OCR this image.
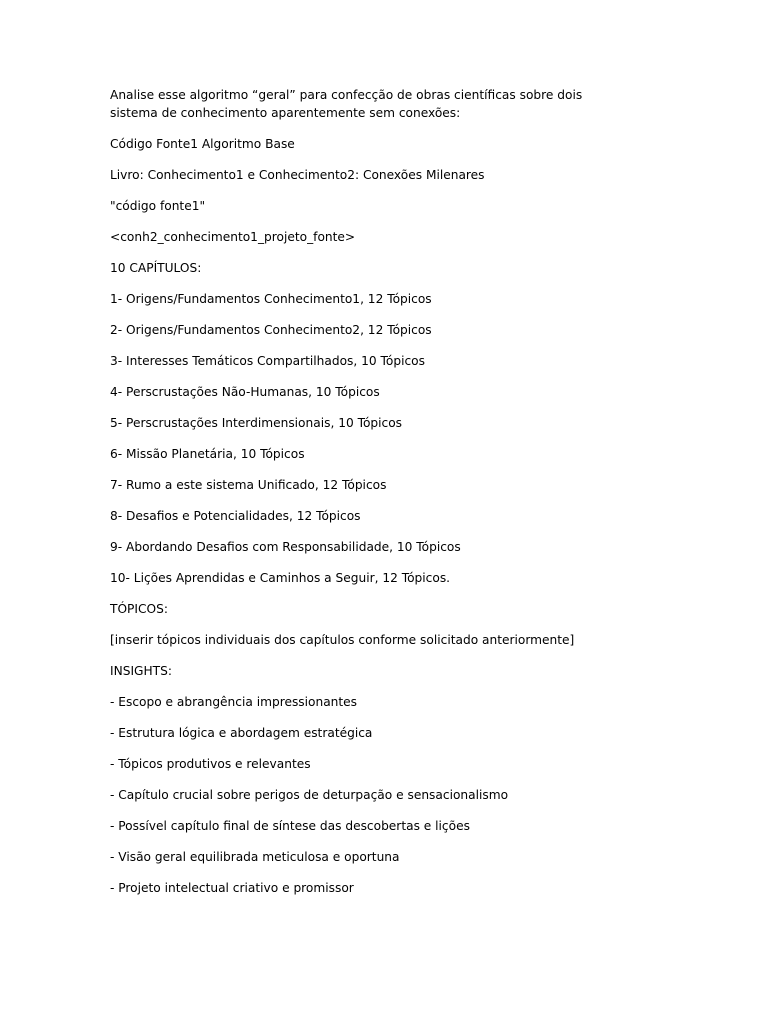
Analise esse algoritmo “geral” para confecção de obras científicas sobre dois sistema de conhecimento aparentemente sem conexões:

Código Fonte1 Algoritmo Base

Livro: Conhecimento1 e Conhecimento2: Conexões Milenares

"código fonte1"

<conh2_conhecimento1_projeto_fonte>

10 CAPÍTULOS:

1- Origens/Fundamentos Conhecimento1, 12 Tópicos

2- Origens/Fundamentos Conhecimento2, 12 Tópicos

3- Interesses Temáticos Compartilhados, 10 Tópicos

4- Perscrustações Não-Humanas, 10 Tópicos

5- Perscrustações Interdimensionais, 10 Tópicos

6- Missão Planetária, 10 Tópicos

7- Rumo a este sistema Unificado, 12 Tópicos

8- Desafios e Potencialidades, 12 Tópicos

9- Abordando Desafios com Responsabilidade, 10 Tópicos

10- Lições Aprendidas e Caminhos a Seguir, 12 Tópicos.

TÓPICOS:

[inserir tópicos individuais dos capítulos conforme solicitado anteriormente]

INSIGHTS:

- Escopo e abrangência impressionantes

- Estrutura lógica e abordagem estratégica

- Tópicos produtivos e relevantes

- Capítulo crucial sobre perigos de deturpação e sensacionalismo

- Possível capítulo final de síntese das descobertas e lições

- Visão geral equilibrada meticulosa e oportuna

- Projeto intelectual criativo e promissor
